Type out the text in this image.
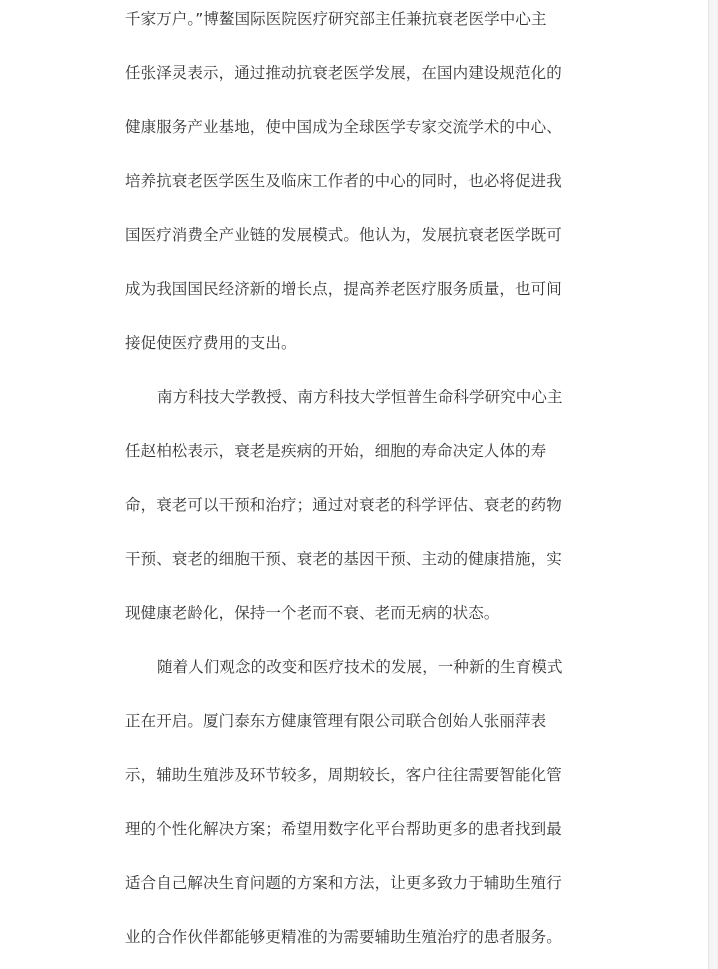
千家万户。”博鳌国际医院医疗研究部主任兼抗衰老医学中心主
任张泽灵表示，通过推动抗衰老医学发展，在国内建设规范化的
健康服务产业基地，使中国成为全球医学专家交流学术的中心、
培养抗衰老医学医生及临床工作者的中心的同时，也必将促进我
国医疗消费全产业链的发展模式。他认为，发展抗衰老医学既可
成为我国国民经济新的增长点，提高养老医疗服务质量，也可间
接促使医疗费用的支出。
南方科技大学教授、南方科技大学恒普生命科学研究中心主
任赵柏松表示，衰老是疾病的开始，细胞的寿命决定人体的寿
命，衰老可以干预和治疗；通过对衰老的科学评估、衰老的药物
干预、衰老的细胞干预、衰老的基因干预、主动的健康措施，实
现健康老龄化，保持一个老而不衰、老而无病的状态。
随着人们观念的改变和医疗技术的发展，一种新的生育模式
正在开启。厦门泰东方健康管理有限公司联合创始人张丽萍表
示，辅助生殖涉及环节较多，周期较长，客户往往需要智能化管
理的个性化解决方案；希望用数字化平台帮助更多的患者找到最
适合自己解决生育问题的方案和方法，让更多致力于辅助生殖行
业的合作伙伴都能够更精准的为需要辅助生殖治疗的患者服务。
